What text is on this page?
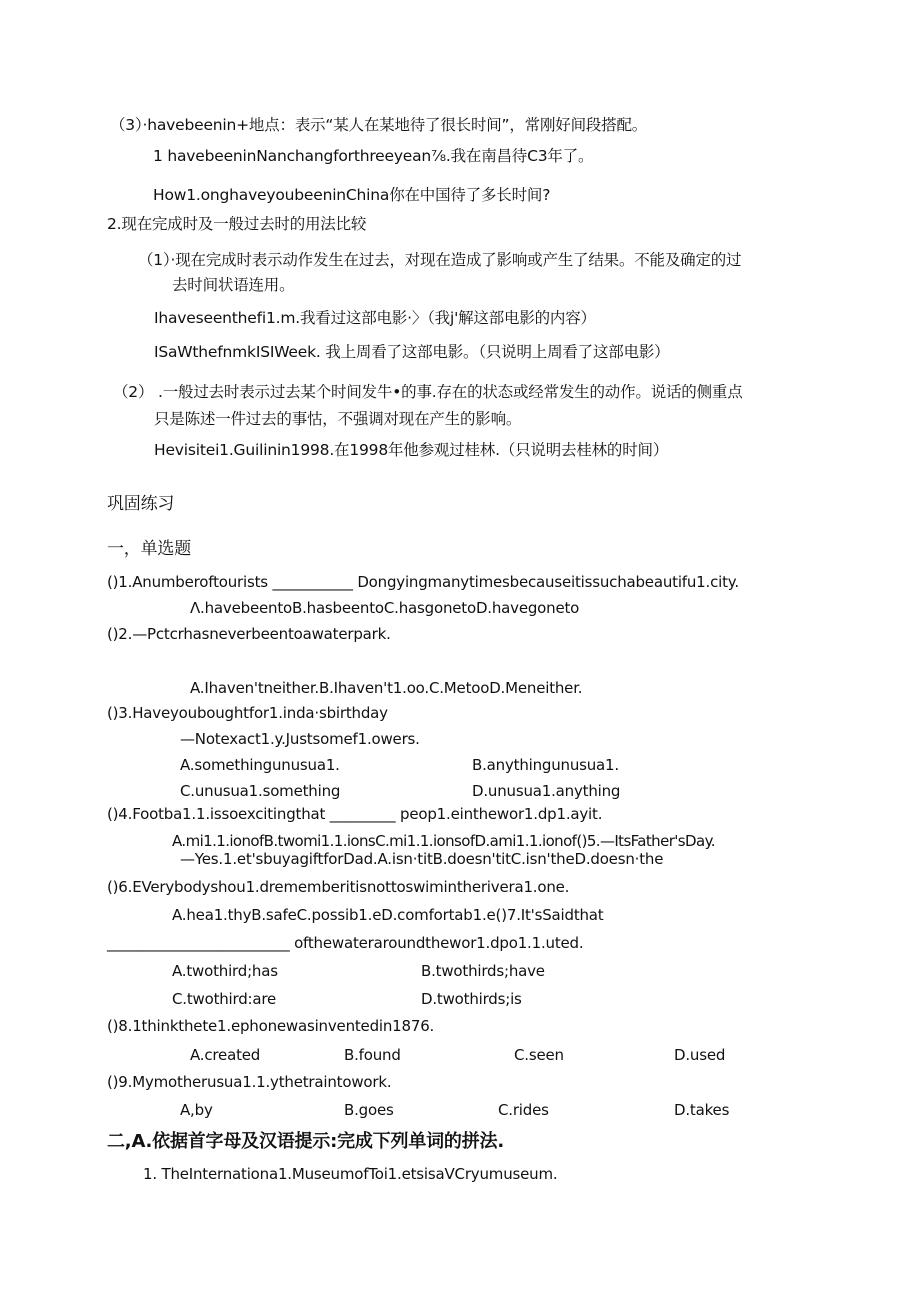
（3）·havebeenin+地点：表示“某人在某地待了很长时间”，常刚好间段搭配。
1 havebeeninNanchangforthreeyean⅞.我在南昌待C3年了。
How1.onghaveyoubeeninChina你在中国待了多长时间?
2.现在完成时及一般过去时的用法比较
（1）·现在完成时表示动作发生在过去，对现在造成了影响或产生了结果。不能及确定的过
去时间状语连用。
Ihaveseenthefi1.m.我看过这部电影·〉（我j'解这部电影的内容）
ISaWthefnmkISIWeek. 我上周看了这部电影。（只说明上周看了这部电影）
（2） .一般过去时表示过去某个时间发牛•的事.存在的状态或经常发生的动作。说话的侧重点
只是陈述一件过去的事怙，不强调对现在产生的影响。
Hevisitei1.Guilinin1998.在1998年他参观过桂林.（只说明去桂林的时间）
巩固练习
一，单选题
()1.Anumberoftourists ___________ Dongyingmanytimesbecauseitissuchabeautifu1.city.
Λ.havebeentoB.hasbeentoC.hasgonetoD.havegoneto
()2.—Pctcrhasneverbeentoawaterpark.
A.Ihaven'tneither.B.Ihaven't1.oo.C.MetooD.Meneither.
()3.Haveyouboughtfor1.inda·sbirthday
—Notexact1.y.Justsomef1.owers.
A.somethingunusua1.	B.anythingunusua1.
C.unusua1.something	D.unusua1.anything
()4.Footba1.1.issoexcitingthat _________ peop1.einthewor1.dp1.ayit.
A.mi1.1.ionofB.twomi1.1.ionsC.mi1.1.ionsofD.ami1.1.ionof()5.—ItsFather'sDay.
—Yes.1.et'sbuyagiftforDad.A.isn·titB.doesn'titC.isn'theD.doesn·the
()6.EVerybodyshou1.drememberitisnottoswimintherivera1.one.
A.hea1.thyB.safeC.possib1.eD.comfortab1.e()7.It'sSaidthat
_________________________ ofthewateraroundthewor1.dpo1.1.uted.
A.twothird;has	B.twothirds;have
C.twothird:are	D.twothirds;is
()8.1thinkthete1.ephonewasinventedin1876.
A.created	B.found	C.seen	D.used
()9.Mymotherusua1.1.ythetraintowork.
A,by	B.goes	C.rides	D.takes
二,A.依据首字母及汉语提示:完成下列单词的拼法.
1. TheInternationa1.MuseumofToi1.etsisaVCryumuseum.
